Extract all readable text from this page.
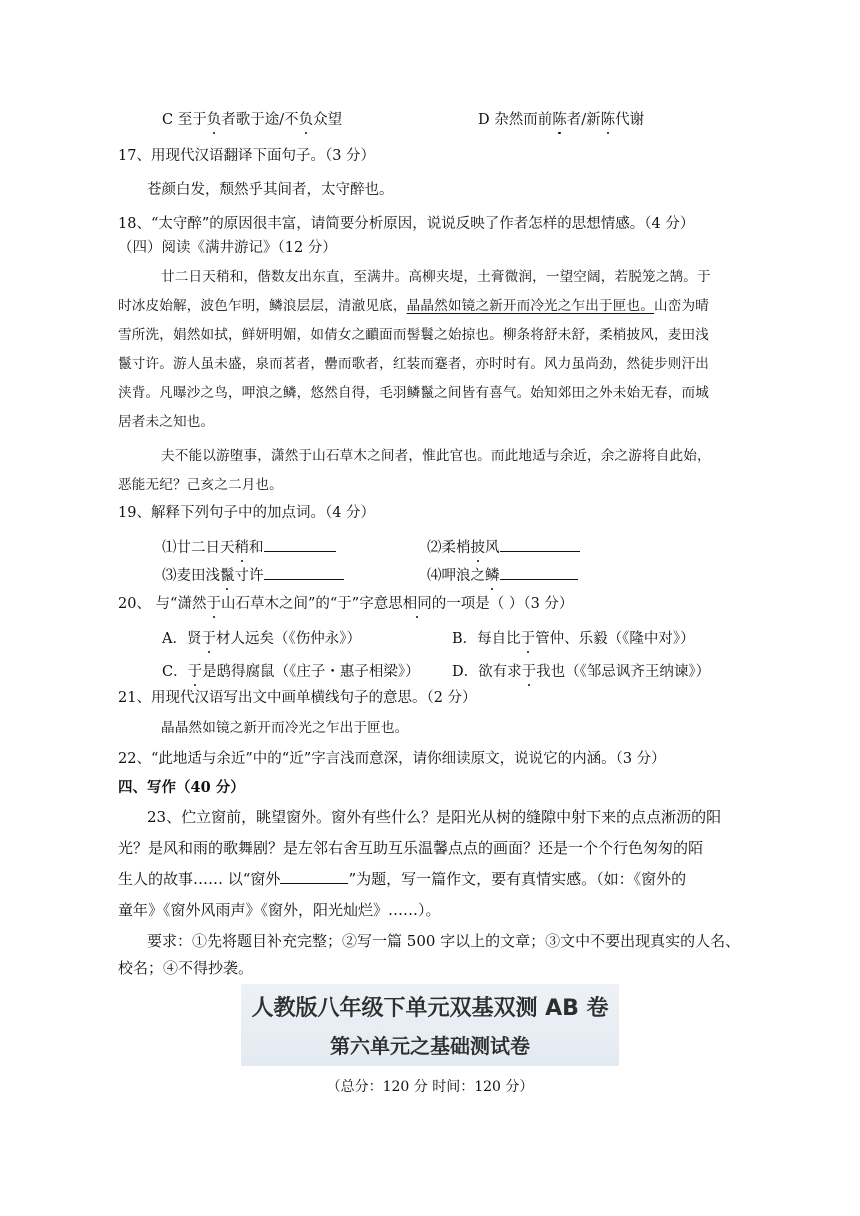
C 至于负者歌于途/不负众望	D 杂然而前陈者/新陈代谢
17、用现代汉语翻译下面句子。（3 分）
苍颜白发，颓然乎其间者，太守醉也。
18、“太守醉”的原因很丰富，请简要分析原因，说说反映了作者怎样的思想情感。（4 分）
（四）阅读《满井游记》（12 分）
廿二日天稍和，偕数友出东直，至满井。高柳夹堤，土膏微润，一望空阔，若脱笼之鹄。于
时冰皮始解，波色乍明，鳞浪层层，清澈见底，晶晶然如镜之新开而冷光之乍出于匣也。山峦为晴
雪所洗，娟然如拭，鲜妍明媚，如倩女之靧面而髻鬟之始掠也。柳条将舒未舒，柔梢披风，麦田浅
鬣寸许。游人虽未盛，泉而茗者，罍而歌者，红装而蹇者，亦时时有。风力虽尚劲，然徒步则汗出
浃背。凡曝沙之鸟，呷浪之鳞，悠然自得，毛羽鳞鬣之间皆有喜气。始知郊田之外未始无春，而城
居者未之知也。
夫不能以游堕事，潇然于山石草木之间者，惟此官也。而此地适与余近，余之游将自此始，
恶能无纪？己亥之二月也。
19、解释下列句子中的加点词。（4 分）
⑴廿二日天稍和	⑵柔梢披风
⑶麦田浅鬣寸许	⑷呷浪之鳞
20、 与“潇然于山石草木之间”的“于”字意思相同的一项是（ ）（3 分）
A．贤于材人远矣（《伤仲永》）	B．每自比于管仲、乐毅（《隆中对》）
C．于是鸱得腐鼠（《庄子・惠子相梁》） D．欲有求于我也（《邹忌讽齐王纳谏》）
21、用现代汉语写出文中画单横线句子的意思。（2 分）
晶晶然如镜之新开而冷光之乍出于匣也。
22、“此地适与余近”中的“近”字言浅而意深，请你细读原文，说说它的内涵。（3 分）
四、写作（40 分）
23、伫立窗前，眺望窗外。窗外有些什么？是阳光从树的缝隙中射下来的点点淅沥的阳
光？是风和雨的歌舞剧？是左邻右舍互助互乐温馨点点的画面？还是一个个行色匆匆的陌
生人的故事…… 以“窗外	”为题，写一篇作文，要有真情实感。（如：《窗外的
童年》《窗外风雨声》《窗外，阳光灿烂》……）。
要求：①先将题目补充完整；②写一篇 500 字以上的文章；③文中不要出现真实的人名、
校名；④不得抄袭。
人教版八年级下单元双基双测 AB 卷
第六单元之基础测试卷
（总分：120 分 时间：120 分）
